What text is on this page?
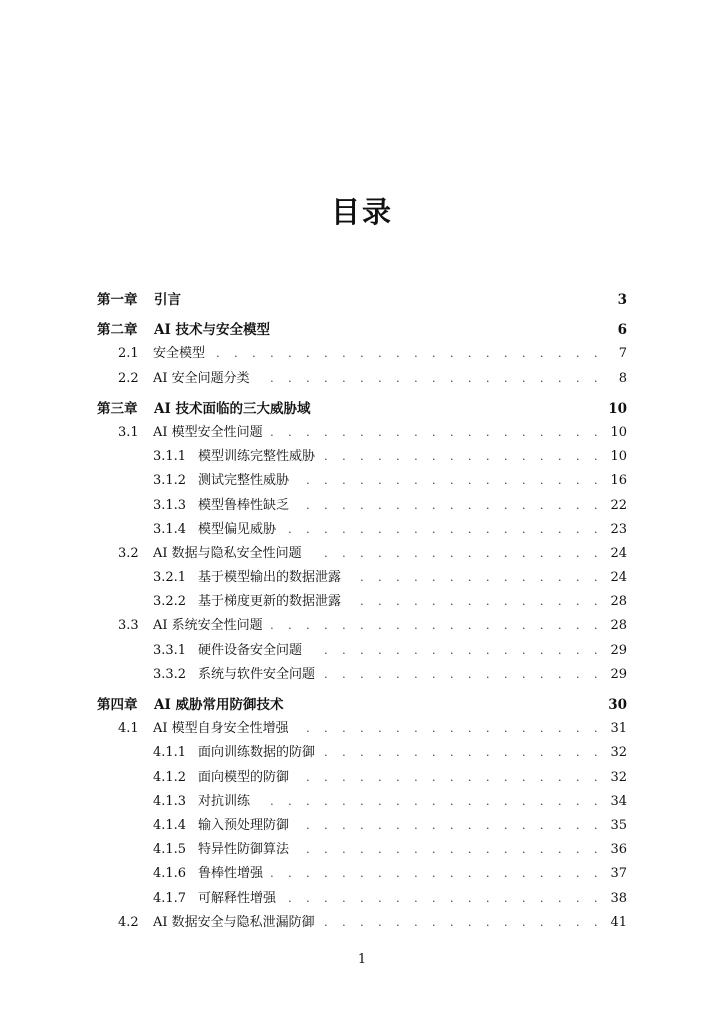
目录
第一章	引言	3
第二章	AI 技术与安全模型	6
2.1	安全模型 . . .	7
2.2	AI 安全问题分类 . . .	8
第三章	AI 技术面临的三大威胁域	10
3.1	AI 模型安全性问题 . . .	10
3.1.1 模型训练完整性威胁 . . .	10
3.1.2 测试完整性威胁 . . .	16
3.1.3 模型鲁棒性缺乏 . . .	22
3.1.4 模型偏见威胁 . . .	23
3.2	AI 数据与隐私安全性问题 . . .	24
3.2.1 基于模型输出的数据泄露 . . .	24
3.2.2 基于梯度更新的数据泄露 . . .	28
3.3	AI 系统安全性问题 . . .	28
3.3.1 硬件设备安全问题 . . .	29
3.3.2 系统与软件安全问题 . . .	29
第四章	AI 威胁常用防御技术	30
4.1	AI 模型自身安全性增强 . . .	31
4.1.1 面向训练数据的防御 . . .	32
4.1.2 面向模型的防御 . . .	32
4.1.3 对抗训练 . . .	34
4.1.4 输入预处理防御 . . .	35
4.1.5 特异性防御算法 . . .	36
4.1.6 鲁棒性增强 . . .	37
4.1.7 可解释性增强 . . .	38
4.2	AI 数据安全与隐私泄漏防御 . . .	41
1
